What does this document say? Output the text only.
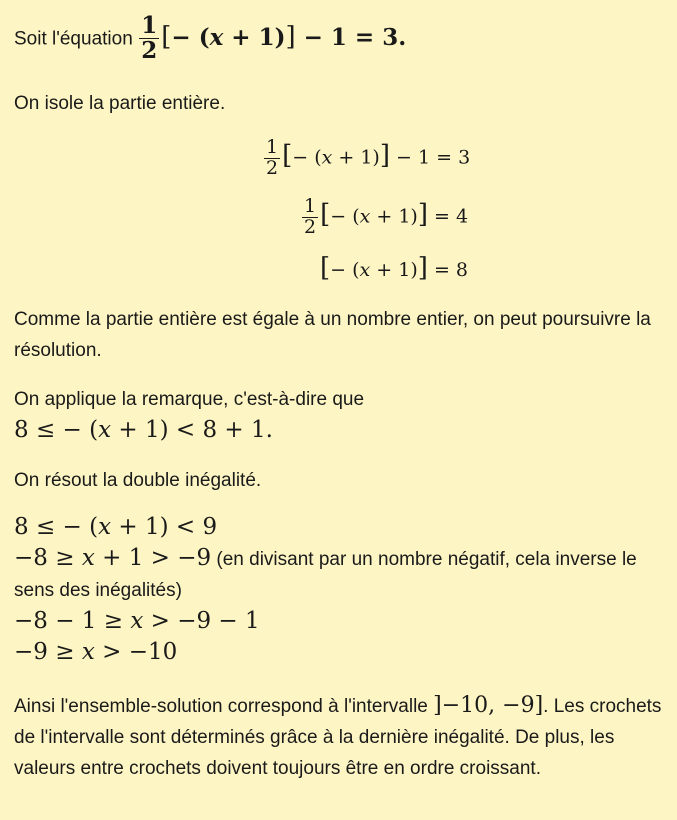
Soit l'équation $\frac{1}{2}$ [− (x + 1)] − 1 = 3.

On isole la partie entière.

$\frac{1}{2}$ [− (x + 1)] − 1 = 3
$\frac{1}{2}$ [− (x + 1)] = 4
[− (x + 1)] = 8

Comme la partie entière est égale à un nombre entier, on peut poursuivre la résolution.

On applique la remarque, c'est-à-dire que

8 ≤ − (x + 1) < 8 + 1.

On résout la double inégalité.

8 ≤ − (x + 1) < 9
−8 ≥ x + 1 > −9 (en divisant par un nombre négatif, cela inverse le sens des inégalités)
−8 − 1 ≥ x > −9 − 1
−9 ≥ x > −10

Ainsi l'ensemble-solution correspond à l'intervalle ]−10, −9]. Les crochets de l'intervalle sont déterminés grâce à la dernière inégalité. De plus, les valeurs entre crochets doivent toujours être en ordre croissant.
